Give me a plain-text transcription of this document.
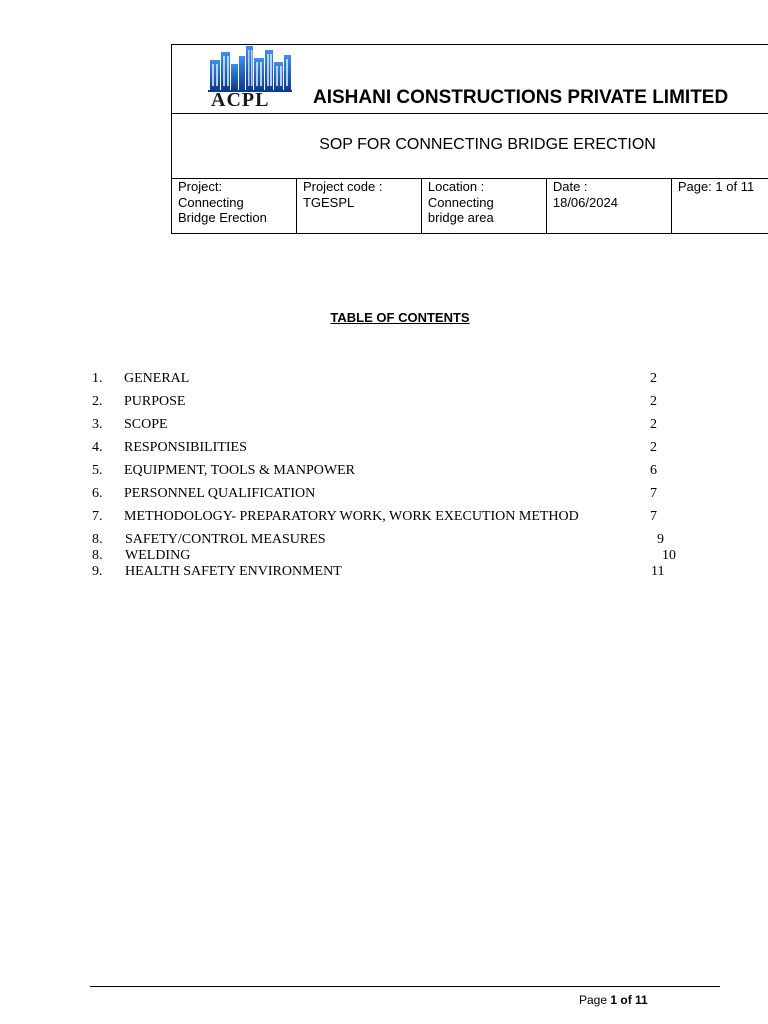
ACPL AISHANI CONSTRUCTIONS PRIVATE LIMITED
SOP FOR CONNECTING BRIDGE ERECTION
Project:
Connecting
Bridge Erection
Project code :
TGESPL
Location :
Connecting
bridge area
Date :
18/06/2024
Page: 1 of 11
TABLE OF CONTENTS
1. GENERAL	2
2. PURPOSE	2
3. SCOPE	2
4. RESPONSIBILITIES	2
5. EQUIPMENT, TOOLS & MANPOWER	6
6. PERSONNEL QUALIFICATION	7
7. METHODOLOGY- PREPARATORY WORK, WORK EXECUTION METHOD	7
8. SAFETY/CONTROL MEASURES	9
8. WELDING	10
9. HEALTH SAFETY ENVIRONMENT	11
Page 1 of 11
